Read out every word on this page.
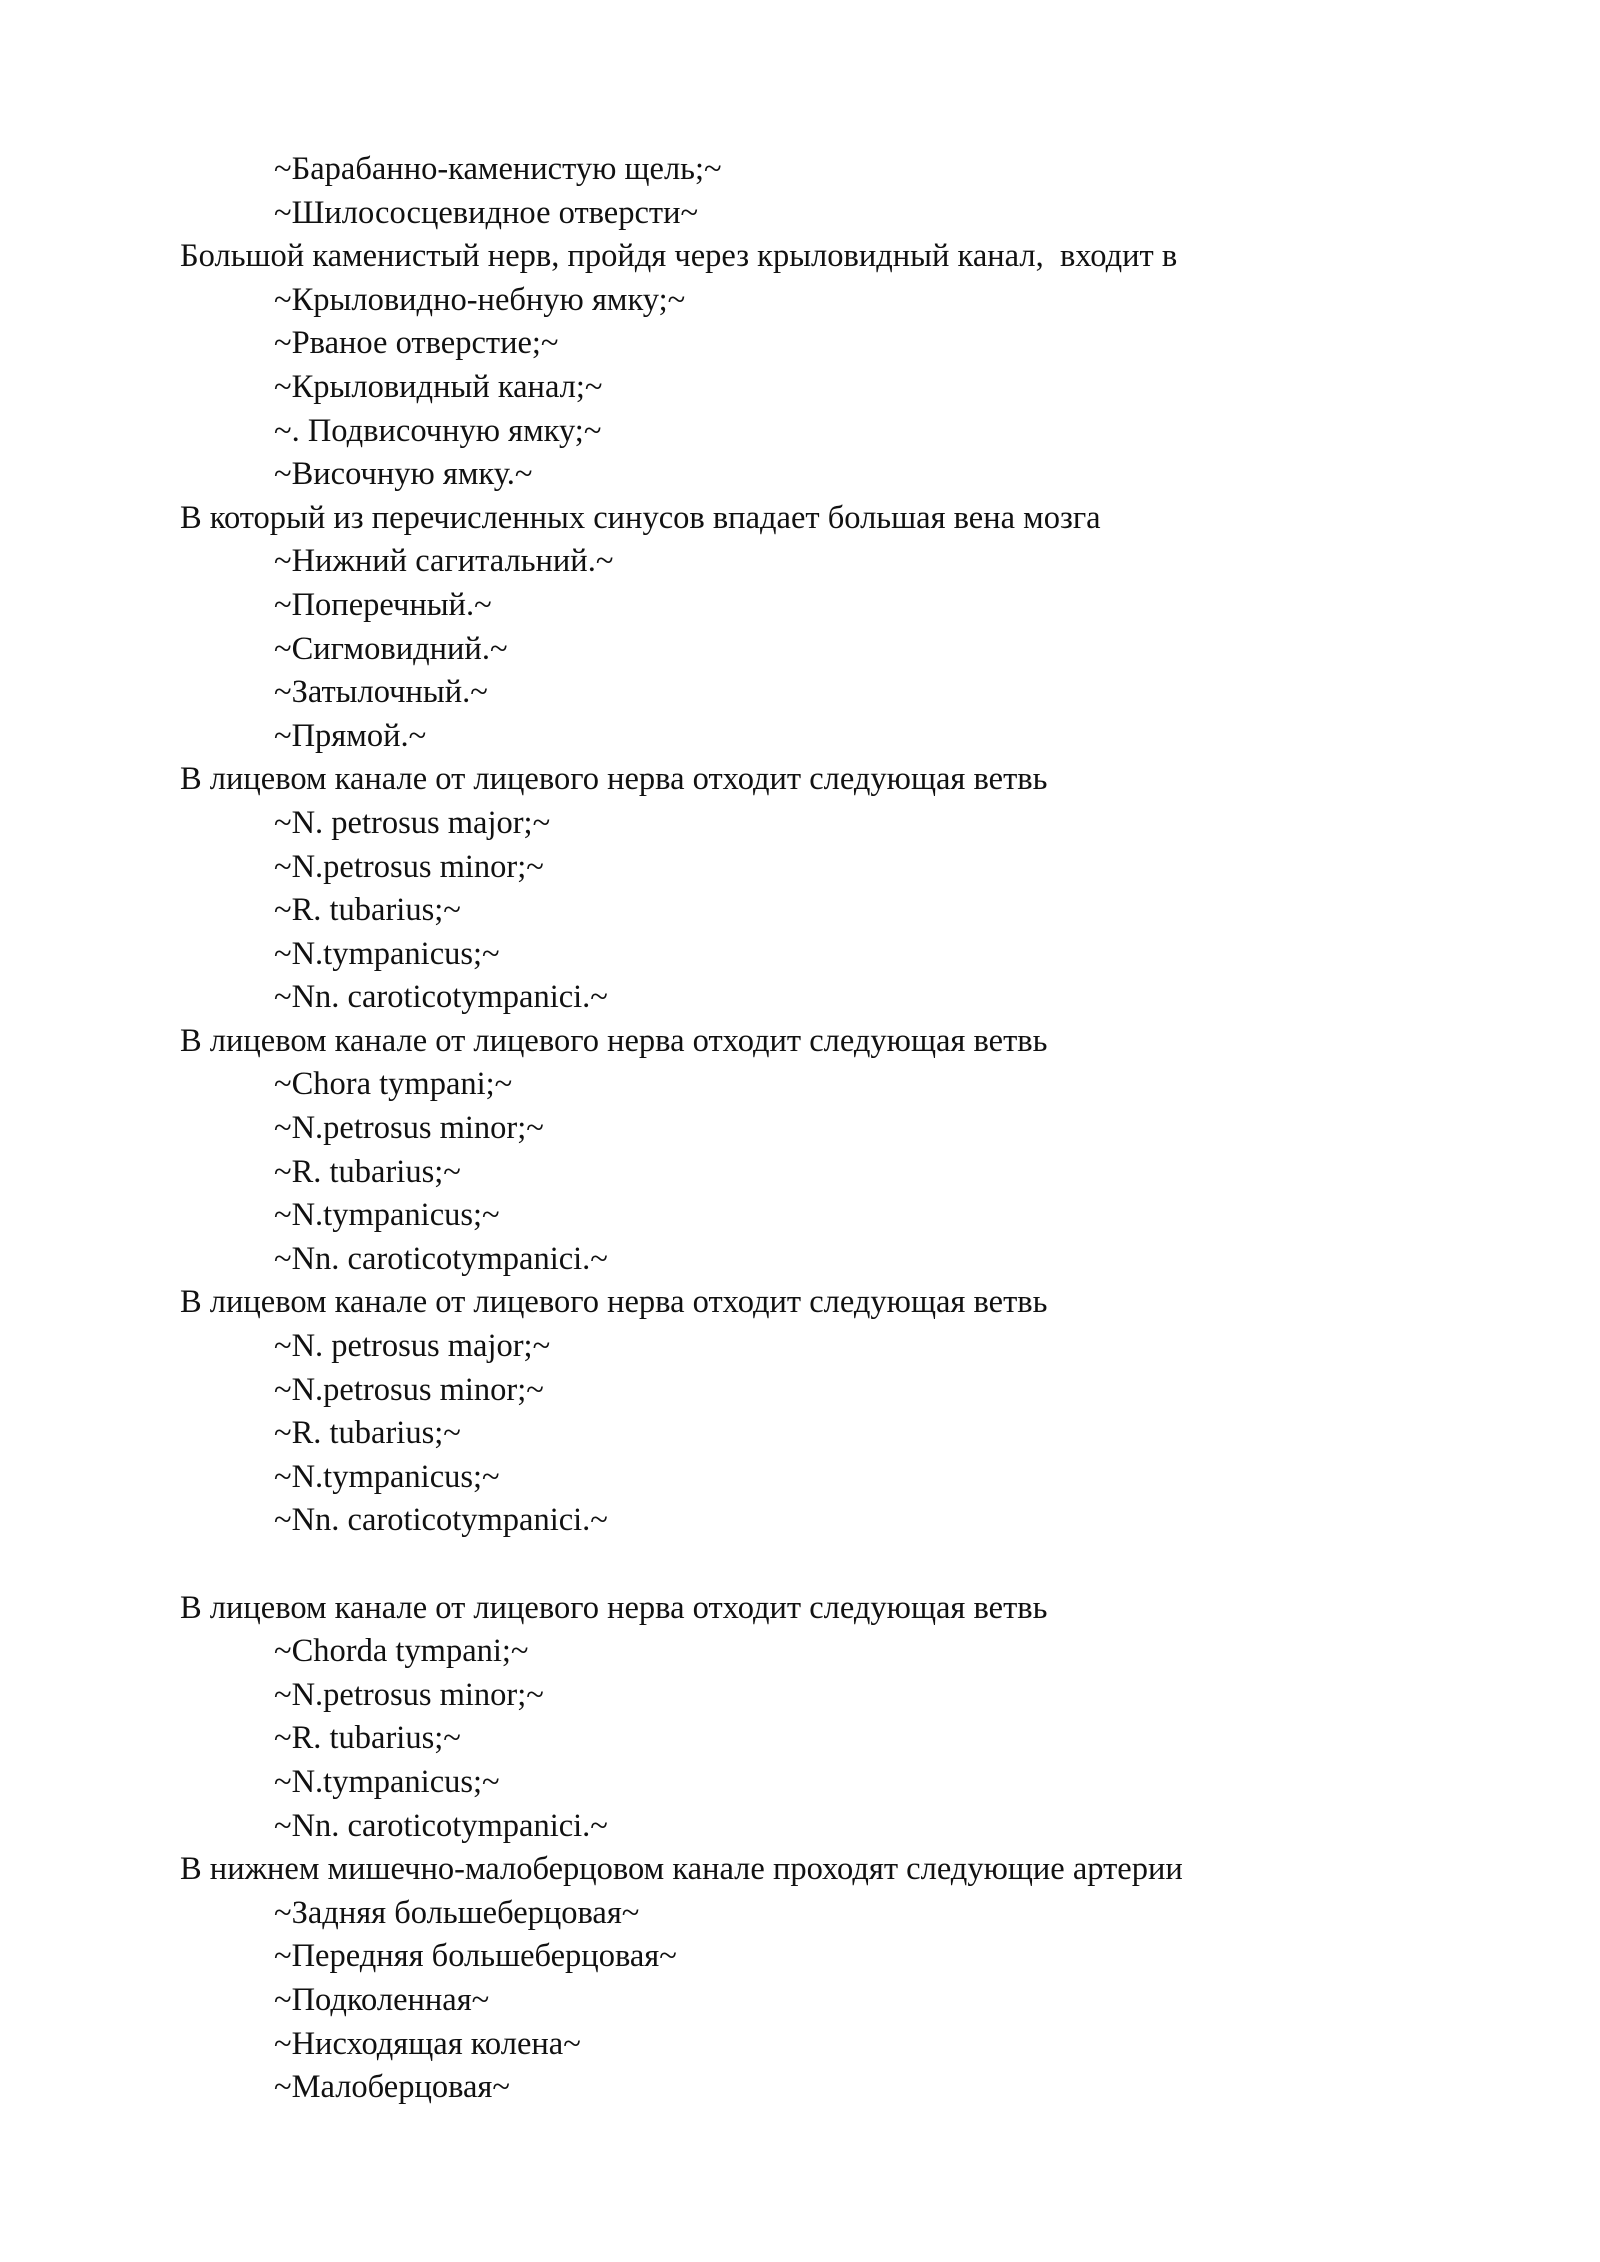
~Барабанно-каменистую щель;~
~Шилососцевидное отверсти~
Большой каменистый нерв, пройдя через крыловидный канал,  входит в
~Крыловидно-небную ямку;~
~Рваное отверстие;~
~Крыловидный канал;~
~. Подвисочную ямку;~
~Височную ямку.~
В который из перечисленных синусов впадает большая вена мозга
~Нижний сагитальний.~
~Поперечный.~
~Сигмовидний.~
~Затылочный.~
~Прямой.~
В лицевом канале от лицевого нерва отходит следующая ветвь
~N. petrosus major;~
~N.petrosus minor;~
~R. tubarius;~
~N.tympanicus;~
~Nn. caroticotympanici.~
В лицевом канале от лицевого нерва отходит следующая ветвь
~Chora tympani;~
~N.petrosus minor;~
~R. tubarius;~
~N.tympanicus;~
~Nn. caroticotympanici.~
В лицевом канале от лицевого нерва отходит следующая ветвь
~N. petrosus major;~
~N.petrosus minor;~
~R. tubarius;~
~N.tympanicus;~
~Nn. caroticotympanici.~
В лицевом канале от лицевого нерва отходит следующая ветвь
~Chorda tympani;~
~N.petrosus minor;~
~R. tubarius;~
~N.tympanicus;~
~Nn. caroticotympanici.~
В нижнем мишечно-малоберцовом канале проходят следующие артерии
~Задняя большеберцовая~
~Передняя большеберцовая~
~Подколенная~
~Нисходящая колена~
~Малоберцовая~
